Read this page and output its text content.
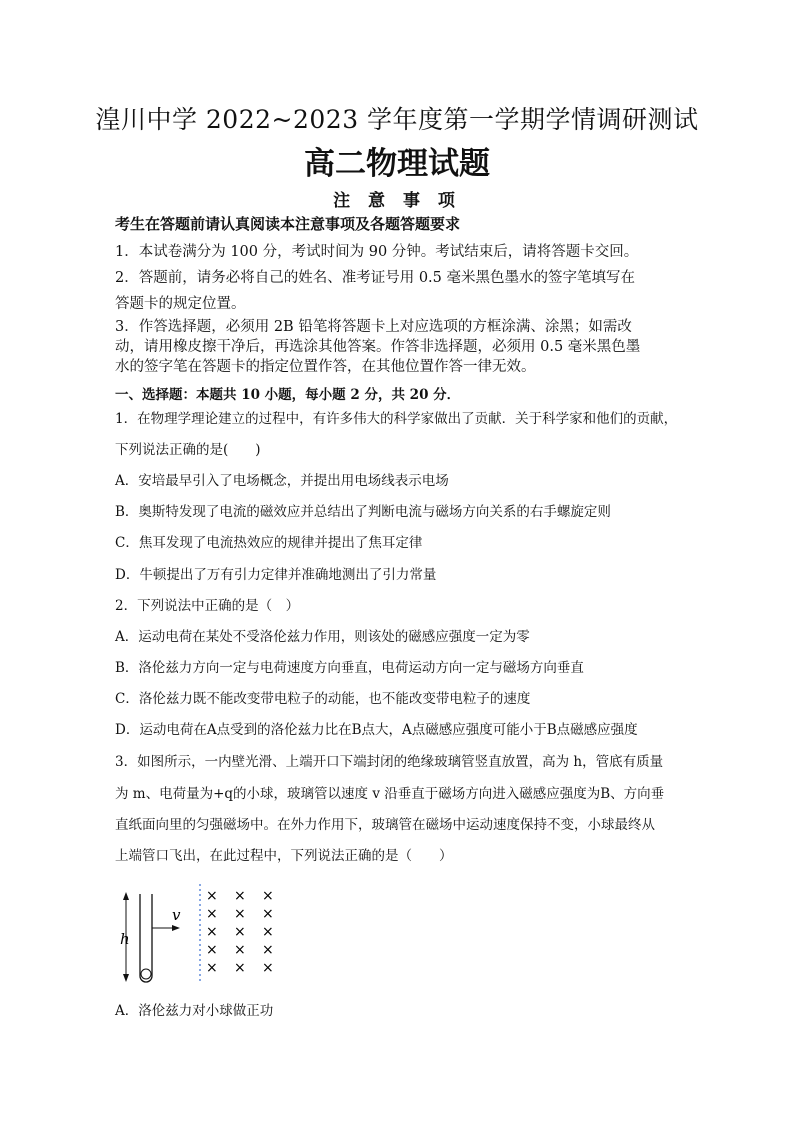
湟川中学 2022~2023 学年度第一学期学情调研测试
高二物理试题
注 意 事 项
考生在答题前请认真阅读本注意事项及各题答题要求
1．本试卷满分为 100 分，考试时间为 90 分钟。考试结束后，请将答题卡交回。
2．答题前，请务必将自己的姓名、准考证号用 0.5 毫米黑色墨水的签字笔填写在
答题卡的规定位置。
3．作答选择题，必须用 2B 铅笔将答题卡上对应选项的方框涂满、涂黑；如需改
动，请用橡皮擦干净后，再选涂其他答案。作答非选择题，必须用 0.5 毫米黑色墨
水的签字笔在答题卡的指定位置作答，在其他位置作答一律无效。
一、选择题：本题共 10 小题，每小题 2 分，共 20 分．
1．在物理学理论建立的过程中，有许多伟大的科学家做出了贡献．关于科学家和他们的贡献，
下列说法正确的是(　　)
A．安培最早引入了电场概念，并提出用电场线表示电场
B．奥斯特发现了电流的磁效应并总结出了判断电流与磁场方向关系的右手螺旋定则
C．焦耳发现了电流热效应的规律并提出了焦耳定律
D．牛顿提出了万有引力定律并准确地测出了引力常量
2．下列说法中正确的是（　）
A．运动电荷在某处不受洛伦兹力作用，则该处的磁感应强度一定为零
B．洛伦兹力方向一定与电荷速度方向垂直，电荷运动方向一定与磁场方向垂直
C．洛伦兹力既不能改变带电粒子的动能，也不能改变带电粒子的速度
D．运动电荷在A点受到的洛伦兹力比在B点大，A点磁感应强度可能小于B点磁感应强度
3．如图所示，一内壁光滑、上端开口下端封闭的绝缘玻璃管竖直放置，高为 h，管底有质量
为 m、电荷量为+q的小球，玻璃管以速度 v 沿垂直于磁场方向进入磁感应强度为B、方向垂
直纸面向里的匀强磁场中。在外力作用下，玻璃管在磁场中运动速度保持不变，小球最终从
上端管口飞出，在此过程中，下列说法正确的是（　　）
h
v
× × ×
× × ×
× × ×
× × ×
× × ×
A．洛伦兹力对小球做正功
